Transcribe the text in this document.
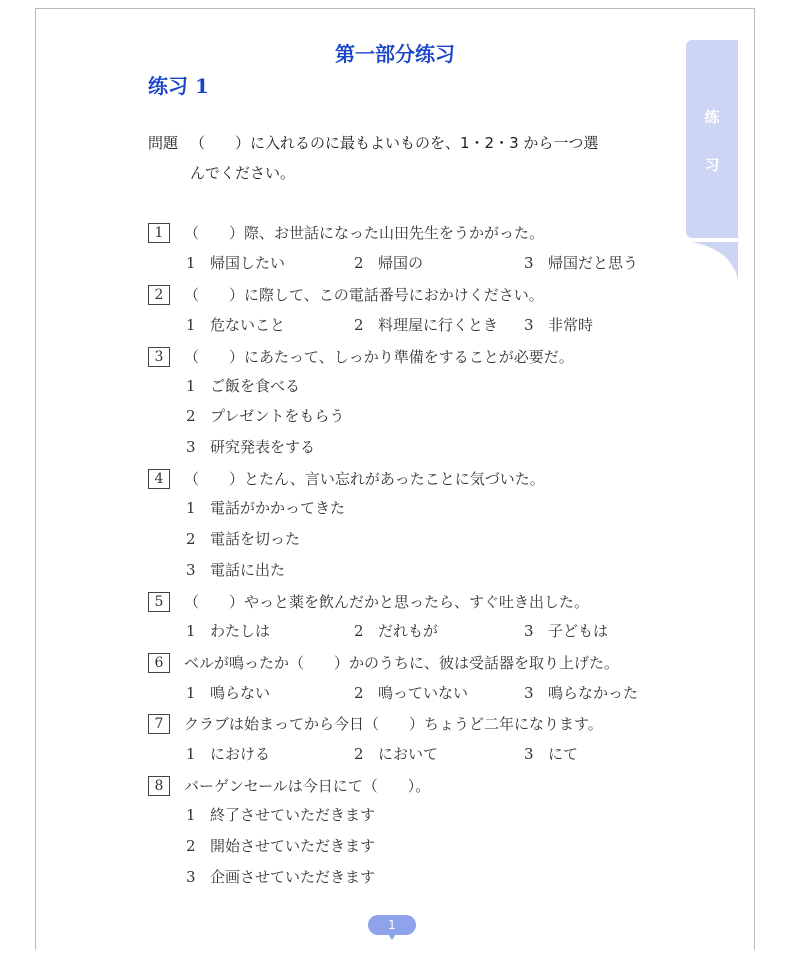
练
习
第一部分练习
练习 1
問題 （　　）に入れるのに最もよいものを、1・2・3 から一つ選
んでください。
1 （　　）際、お世話になった山田先生をうかがった。
1 帰国したい	2 帰国の	3 帰国だと思う
2 （　　）に際して、この電話番号におかけください。
1 危ないこと	2 料理屋に行くとき 3 非常時
3 （　　）にあたって、しっかり準備をすることが必要だ。
1 ご飯を食べる
2 プレゼントをもらう
3 研究発表をする
4 （　　）とたん、言い忘れがあったことに気づいた。
1 電話がかかってきた
2 電話を切った
3 電話に出た
5 （　　）やっと薬を飲んだかと思ったら、すぐ吐き出した。
1 わたしは	2 だれもが	3 子どもは
6 ベルが鳴ったか（　　）かのうちに、彼は受話器を取り上げた。
1 鳴らない	2 鳴っていない	3 鳴らなかった
7 クラブは始まってから今日（　　）ちょうど二年になります。
1 における	2 において	3 にて
8 バーゲンセールは今日にて（　　）。
1 終了させていただきます
2 開始させていただきます
3 企画させていただきます
1
